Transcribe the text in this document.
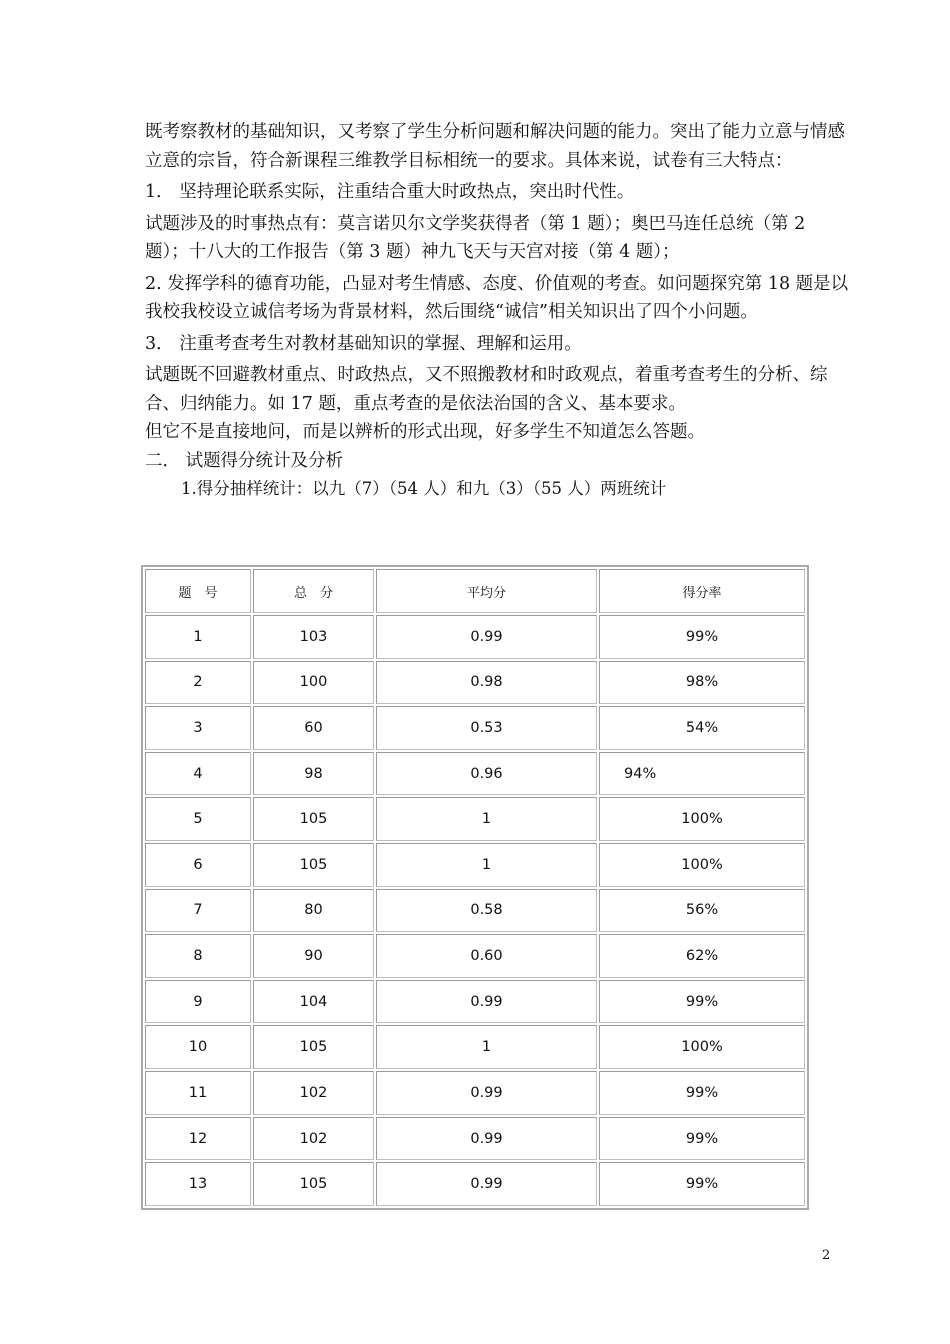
既考察教材的基础知识，又考察了学生分析问题和解决问题的能力。突出了能力立意与情感立意的宗旨，符合新课程三维教学目标相统一的要求。具体来说，试卷有三大特点：

1． 坚持理论联系实际，注重结合重大时政热点，突出时代性。

试题涉及的时事热点有：莫言诺贝尔文学奖获得者（第 1 题）；奥巴马连任总统（第 2 题）；十八大的工作报告（第 3 题）神九飞天与天宫对接（第 4 题）；

2. 发挥学科的德育功能，凸显对考生情感、态度、价值观的考查。如问题探究第 18 题是以我校我校设立诚信考场为背景材料，然后围绕“诚信”相关知识出了四个小问题。

3． 注重考查考生对教材基础知识的掌握、理解和运用。

试题既不回避教材重点、时政热点，又不照搬教材和时政观点，着重考查考生的分析、综合、归纳能力。如 17 题，重点考查的是依法治国的含义、基本要求。

但它不是直接地问，而是以辨析的形式出现，好多学生不知道怎么答题。

二． 试题得分统计及分析

1.得分抽样统计：以九（7）（54 人）和九（3）（55 人）两班统计

题　号	总　分	平均分	得分率
1	103	0.99	99%
2	100	0.98	98%
3	60	0.53	54%
4	98	0.96	94%
5	105	1	100%
6	105	1	100%
7	80	0.58	56%
8	90	0.60	62%
9	104	0.99	99%
10	105	1	100%
11	102	0.99	99%
12	102	0.99	99%
13	105	0.99	99%
2
